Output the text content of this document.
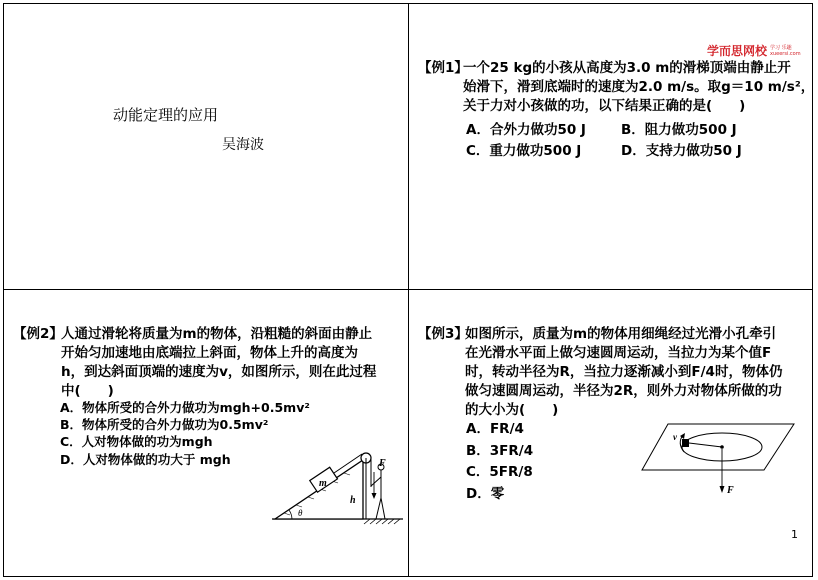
动能定理的应用
吴海波
学而思网校 学习 乐趣
xueersi.com
【例1】
一个25 kg的小孩从高度为3.0 m的滑梯顶端由静止开
始滑下，滑到底端时的速度为2.0 m/s。取g＝10 m/s²，
关于力对小孩做的功，以下结果正确的是(　　)
A．合外力做功50 J	B．阻力做功500 J
C．重力做功500 J	D．支持力做功50 J
【例2】
人通过滑轮将质量为m的物体，沿粗糙的斜面由静止
开始匀加速地由底端拉上斜面，物体上升的高度为
h，到达斜面顶端的速度为v，如图所示，则在此过程
中(　　)
A．物体所受的合外力做功为mgh+0.5mv²
B．物体所受的合外力做功为0.5mv²
C．人对物体做的功为mgh
D．人对物体做的功大于 mgh
θ
m
h
F
【例3】
如图所示，质量为m的物体用细绳经过光滑小孔牵引
在光滑水平面上做匀速圆周运动，当拉力为某个值F
时，转动半径为R，当拉力逐渐减小到F/4时，物体仍
做匀速圆周运动，半径为2R，则外力对物体所做的功
的大小为(　　)
A．FR/4
B．3FR/4
C．5FR/8
D．零
v
F
1
